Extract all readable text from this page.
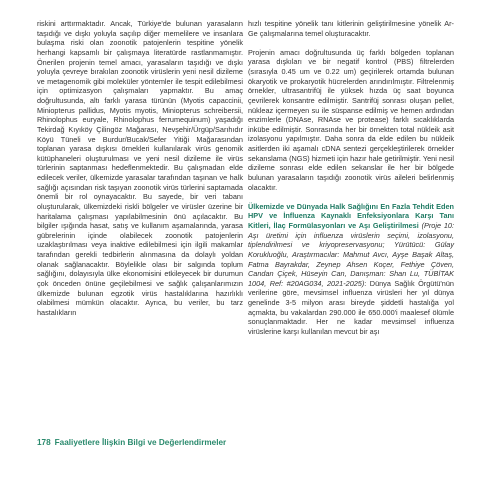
riskini arttırmaktadır. Ancak, Türkiye'de bulunan yarasaların taşıdığı ve dışkı yoluyla saçılıp diğer memelilere ve insanlara bulaşma riski olan zoonotik patojenlerin tespitine yönelik herhangi kapsamlı bir çalışmaya literatürde rastlanmamıştır. Önerilen projenin temel amacı, yarasaların taşıdığı ve dışkı yoluyla çevreye bırakılan zoonotik virüslerin yeni nesil dizileme ve metagenomik gibi moleküler yöntemler ile tespit edilebilmesi için optimizasyon çalışmaları yapmaktır. Bu amaç doğrultusunda, altı farklı yarasa türünün (Myotis capaccinii, Miniopterus pallidus, Myotis myotis, Miniopterus schreibersii, Rhinolophus euryale, Rhinolophus ferrumequinum) yaşadığı Tekirdağ Kıyıköy Çilingöz Mağarası, Nevşehir/Ürgüp/Sarıhıdır Köyü Tüneli ve Burdur/Bucak/Sefer Yitiği Mağarasından toplanan yarasa dışkısı örnekleri kullanılarak virüs genomik kütüphaneleri oluşturulması ve yeni nesil dizileme ile virüs türlerinin saptanması hedeflenmektedir. Bu çalışmadan elde edilecek veriler, ülkemizde yarasalar tarafından taşınan ve halk sağlığı açısından risk taşıyan zoonotik virüs türlerini saptamada önemli bir rol oynayacaktır. Bu sayede, bir veri tabanı oluşturularak, ülkemizdeki riskli bölgeler ve virüsler üzerine bir haritalama çalışması yapılabilmesinin önü açılacaktır. Bu bilgiler ışığında hasat, satış ve kullanım aşamalarında, yarasa gübrelerinin içinde olabilecek zoonotik patojenlerin uzaklaştırılması veya inaktive edilebilmesi için ilgili makamlar tarafından gerekli tedbirlerin alınmasına da dolaylı yoldan olanak sağlanacaktır. Böylelikle olası bir salgında toplum sağlığını, dolayısıyla ülke ekonomisini etkileyecek bir durumun çok önceden önüne geçilebilmesi ve sağlık çalışanlarımızın ülkemizde bulunan egzotik virüs hastalıklarına hazırlıklı olabilmesi mümkün olacaktır. Ayrıca, bu veriler, bu tarz hastalıkların

hızlı tespitine yönelik tanı kitlerinin geliştirilmesine yönelik Ar-Ge çalışmalarına temel oluşturacaktır.

Projenin amacı doğrultusunda üç farklı bölgeden toplanan yarasa dışkıları ve bir negatif kontrol (PBS) filtrelerden (sırasıyla 0.45 um ve 0.22 um) geçirilerek ortamda bulunan ökaryotik ve prokaryotik hücrelerden arındırılmıştır. Filtrelenmiş örnekler, ultrasantrifüj ile yüksek hızda üç saat boyunca çevrilerek konsantre edilmiştir. Santrifüj sonrası oluşan pellet, nükleaz içermeyen su ile süspanse edilmiş ve hemen ardından enzimlerle (DNAse, RNAse ve protease) farklı sıcaklıklarda inkübe edilmiştir. Sonrasında her bir örnekten total nükleik asit izolasyonu yapılmıştır. Daha sonra da elde edilen bu nükleik asitlerden iki aşamalı cDNA sentezi gerçekleştirilerek örnekler sekanslama (NGS) hizmeti için hazır hale getirilmiştir. Yeni nesil dizileme sonrası elde edilen sekanslar ile her bir bölgede bulunan yarasaların taşıdığı zoonotik virüs aileleri belirlenmiş olacaktır.

Ülkemizde ve Dünyada Halk Sağlığını En Fazla Tehdit Eden HPV ve İnfluenza Kaynaklı Enfeksiyonlara Karşı Tanı Kitleri, İlaç Formülasyonları ve Aşı Geliştirilmesi (Proje 10: Aşı üretimi için influenza virüslerin seçimi, izolasyonu, tiplendirilmesi ve kriyopreservasyonu; Yürütücü: Gülay Korukluoğlu, Araştırmacılar: Mahmut Avcı, Ayşe Başak Altaş, Fatma Bayrakdar, Zeynep Ahsen Koçer, Fethiye Çöven, Candan Çiçek, Hüseyin Can, Danışman: Shan Lu, TÜBİTAK 1004, Ref: #20AG034, 2021-2025): Dünya Sağlık Örgütü'nün verilerine göre, mevsimsel influenza virüsleri her yıl dünya genelinde 3-5 milyon arası bireyde şiddetli hastalığa yol açmakta, bu vakalardan 290.000 ile 650.000'i maalesef ölümle sonuçlanmaktadır. Her ne kadar mevsimsel influenza virüslerine karşı kullanılan mevcut bir aşı

178 Faaliyetlere İlişkin Bilgi ve Değerlendirmeler
